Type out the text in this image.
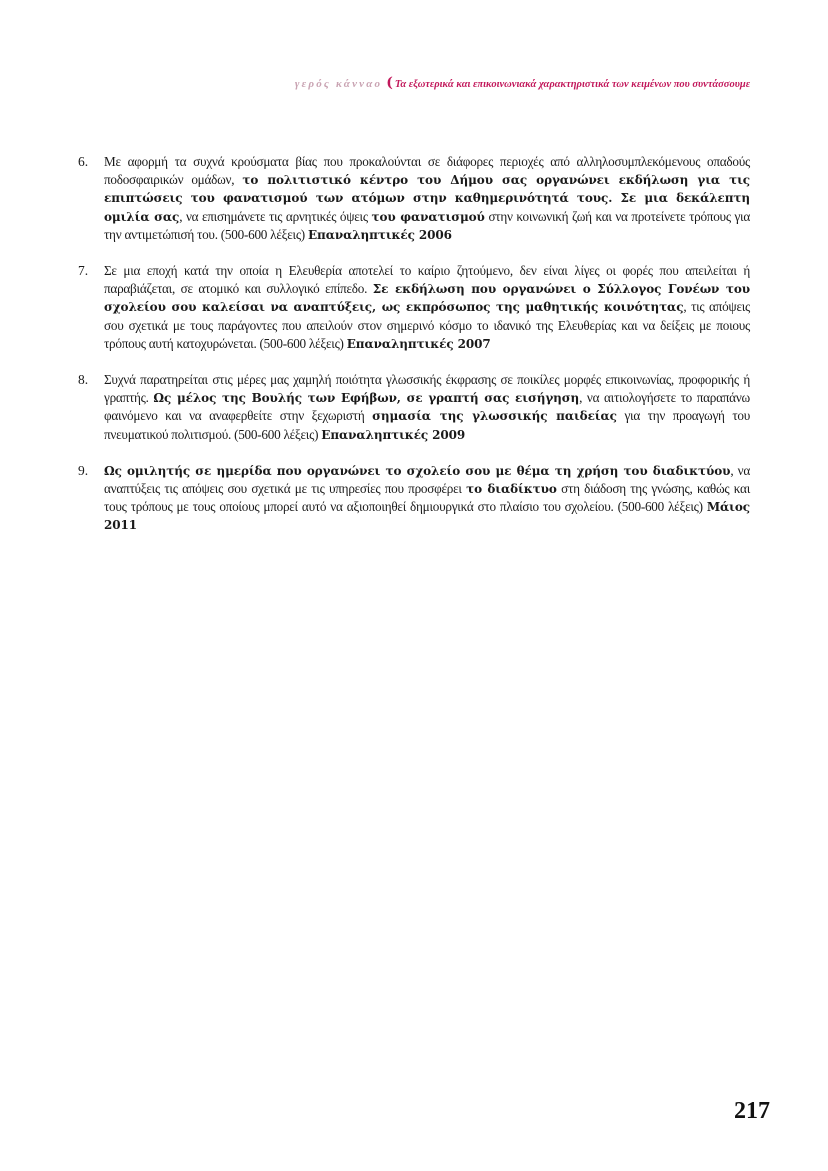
γερός κάνναο ( Τα εξωτερικά και επικοινωνιακά χαρακτηριστικά των κειμένων που συντάσσουμε
6.	Με αφορμή τα συχνά κρούσματα βίας που προκαλούνται σε διάφορες περιοχές από αλληλοσυμπλεκόμενους οπαδούς ποδοσφαιρικών ομάδων, το πολιτιστικό κέντρο του Δήμου σας οργανώνει εκδήλωση για τις επιπτώσεις του φανατισμού των ατόμων στην καθημερινότητά τους. Σε μια δεκάλεπτη ομιλία σας, να επισημάνετε τις αρνητικές όψεις του φανατισμού στην κοινωνική ζωή και να προτείνετε τρόπους για την αντιμετώπισή του. (500-600 λέξεις) Επαναληπτικές 2006
7.	Σε μια εποχή κατά την οποία η Ελευθερία αποτελεί το καίριο ζητούμενο, δεν είναι λίγες οι φορές που απειλείται ή παραβιάζεται, σε ατομικό και συλλογικό επίπεδο. Σε εκδήλωση που οργανώνει ο Σύλλογος Γονέων του σχολείου σου καλείσαι να αναπτύξεις, ως εκπρόσωπος της μαθητικής κοινότητας, τις απόψεις σου σχετικά με τους παράγοντες που απειλούν στον σημερινό κόσμο το ιδανικό της Ελευθερίας και να δείξεις με ποιους τρόπους αυτή κατοχυρώνεται. (500-600 λέξεις) Επαναληπτικές 2007
8.	Συχνά παρατηρείται στις μέρες μας χαμηλή ποιότητα γλωσσικής έκφρασης σε ποικίλες μορφές επικοινωνίας, προφορικής ή γραπτής. Ως μέλος της Βουλής των Εφήβων, σε γραπτή σας εισήγηση, να αιτιολογήσετε το παραπάνω φαινόμενο και να αναφερθείτε στην ξεχωριστή σημασία της γλωσσικής παιδείας για την προαγωγή του πνευματικού πολιτισμού. (500-600 λέξεις) Επαναληπτικές 2009
9.	Ως ομιλητής σε ημερίδα που οργανώνει το σχολείο σου με θέμα τη χρήση του διαδικτύου, να αναπτύξεις τις απόψεις σου σχετικά με τις υπηρεσίες που προσφέρει το διαδίκτυο στη διάδοση της γνώσης, καθώς και τους τρόπους με τους οποίους μπορεί αυτό να αξιοποιηθεί δημιουργικά στο πλαίσιο του σχολείου. (500-600 λέξεις) Μάιος 2011
217
